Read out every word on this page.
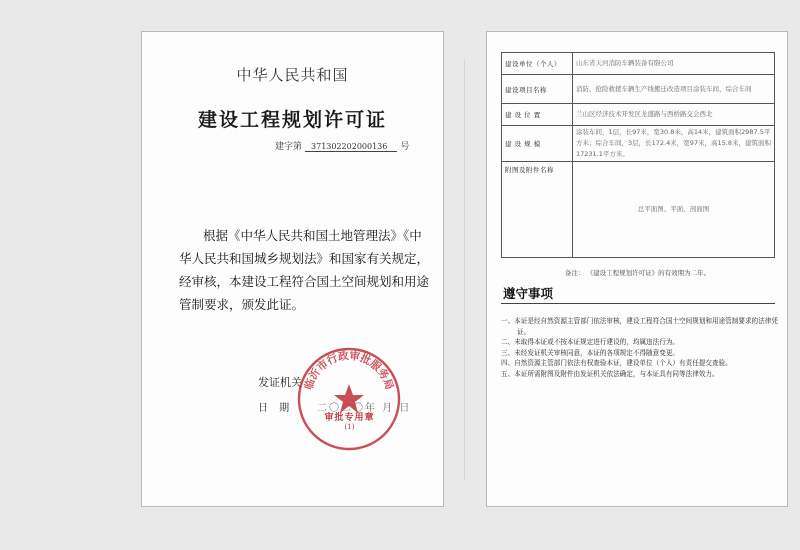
中华人民共和国
建设工程规划许可证
建字第 371302202000136 号
根据《中华人民共和国土地管理法》《中华人民共和国城乡规划法》和国家有关规定，经审核，本建设工程符合国土空间规划和用途管制要求，颁发此证。
发证机关
日 期 二〇二〇年 月 日
临沂市行政审批服务局
审批专用章
(1)
建设单位（个人）	山东省天河消防车辆装备有限公司
建设项目名称	消防、抢险救援车辆生产线搬迁改造项目涂装车间、综合车间
建 设 位 置	兰山区经济技术开发区龙盛路与西桥路交会西北
建 设 规 模	涂装车间，1层，长97米，宽30.8米，高14米，建筑面积2987.5平方米；综合车间，3层，长172.4米，宽97米，高15.8米，建筑面积17231.1平方米。
附图及附件名称	总平面图、平面、剖面图
备注： 《建设工程规划许可证》的有效期为二年。
遵守事项
一、本证是经自然资源主管部门依法审核，建设工程符合国土空间规划和用途管制要求的法律凭证。
二、未取得本证或不按本证规定进行建设的，均属违法行为。
三、未经发证机关审核同意，本证的各项规定不得随意变更。
四、自然资源主管部门依法有权查验本证，建设单位（个人）有责任提交查验。
五、本证所需附图及附件由发证机关依法确定，与本证具有同等法律效力。
